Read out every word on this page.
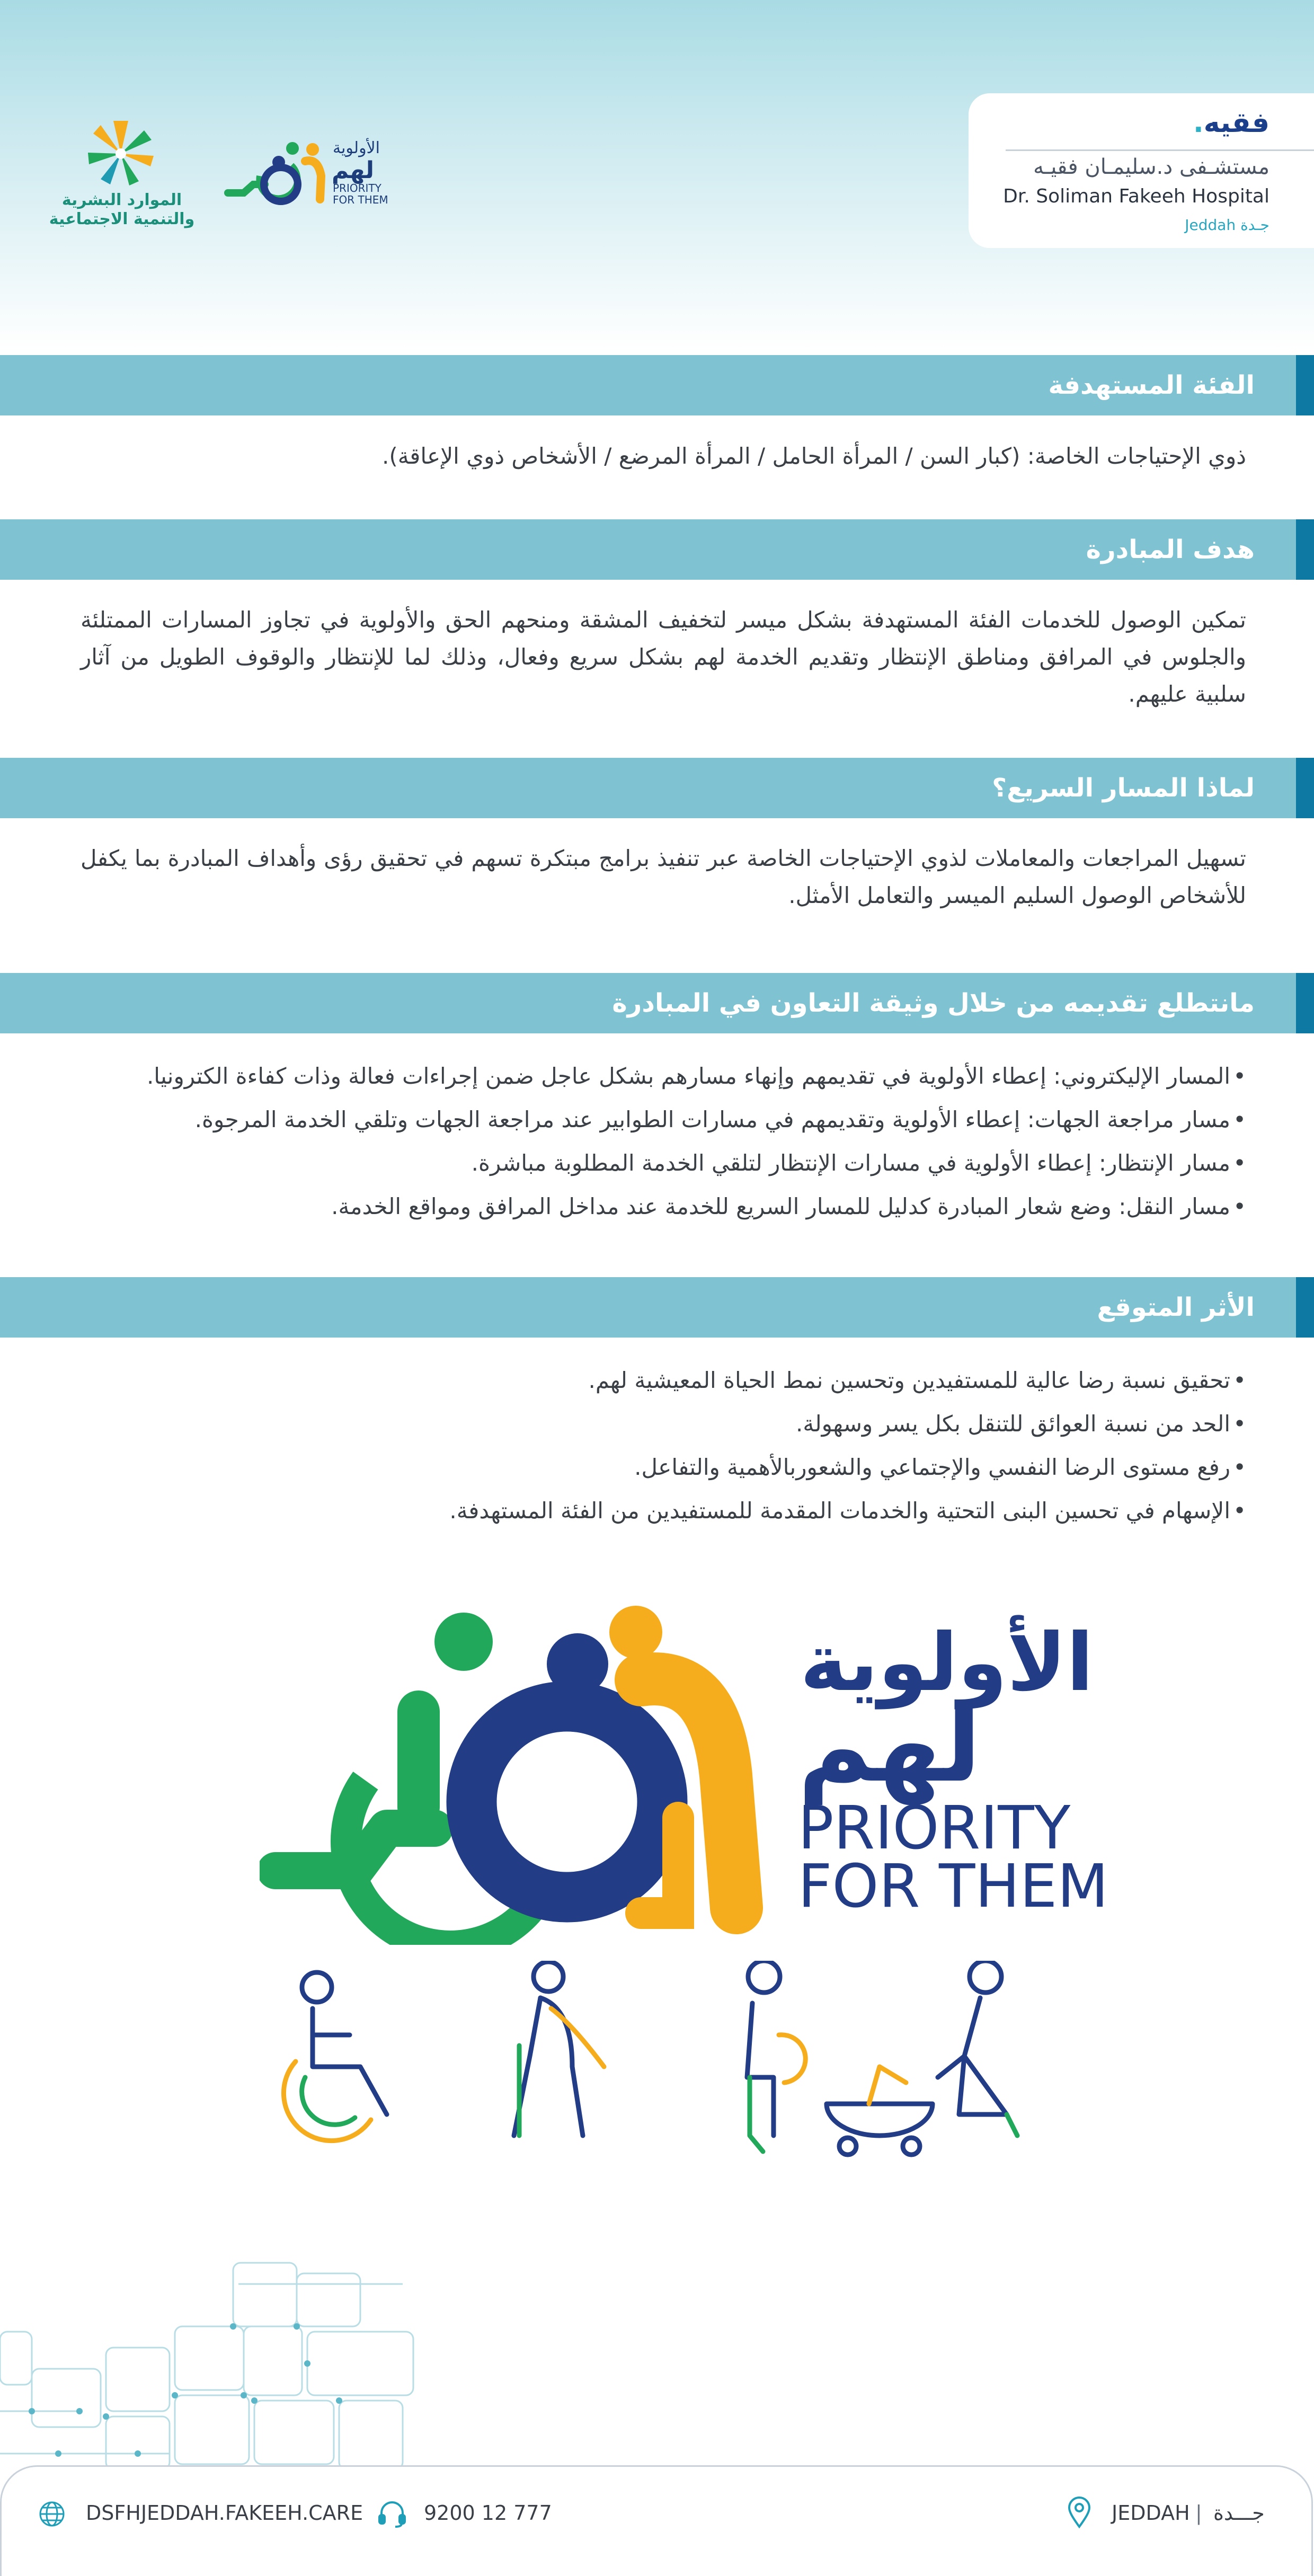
فقيه.
مستشـفى د.سليمـان فقيـه
Dr. Soliman Fakeeh Hospital
Jeddah جـدة
الموارد البشرية
والتنمية الاجتماعية
الأولوية
لهم
PRIORITY
FOR THEM
الفئة المستهدفة
ذوي الإحتياجات الخاصة: (كبار السن / المرأة الحامل / المرأة المرضع / الأشخاص ذوي الإعاقة).
هدف المبادرة
تمكين الوصول للخدمات الفئة المستهدفة بشكل ميسر لتخفيف المشقة ومنحهم الحق والأولوية في تجاوز المسارات الممتلئة والجلوس في المرافق ومناطق الإنتظار وتقديم الخدمة لهم بشكل سريع وفعال، وذلك لما للإنتظار والوقوف الطويل من آثار سلبية عليهم.
لماذا المسار السريع؟
تسهيل المراجعات والمعاملات لذوي الإحتياجات الخاصة عبر تنفيذ برامج مبتكرة تسهم في تحقيق رؤى وأهداف المبادرة بما يكفل للأشخاص الوصول السليم الميسر والتعامل الأمثل.
مانتطلع تقديمه من خلال وثيقة التعاون في المبادرة
• المسار الإليكتروني: إعطاء الأولوية في تقديمهم وإنهاء مسارهم بشكل عاجل ضمن إجراءات فعالة وذات كفاءة الكترونيا.
• مسار مراجعة الجهات: إعطاء الأولوية وتقديمهم في مسارات الطوابير عند مراجعة الجهات وتلقي الخدمة المرجوة.
• مسار الإنتظار: إعطاء الأولوية في مسارات الإنتظار لتلقي الخدمة المطلوبة مباشرة.
• مسار النقل: وضع شعار المبادرة كدليل للمسار السريع للخدمة عند مداخل المرافق ومواقع الخدمة.
الأثر المتوقع
• تحقيق نسبة رضا عالية للمستفيدين وتحسين نمط الحياة المعيشية لهم.
• الحد من نسبة العوائق للتنقل بكل يسر وسهولة.
• رفع مستوى الرضا النفسي والإجتماعي والشعوربالأهمية والتفاعل.
• الإسهام في تحسين البنى التحتية والخدمات المقدمة للمستفيدين من الفئة المستهدفة.
الأولوية
لهم
PRIORITY
FOR THEM
DSFHJEDDAH.FAKEEH.CARE	9200 12 777	JEDDAH | جـــدة
